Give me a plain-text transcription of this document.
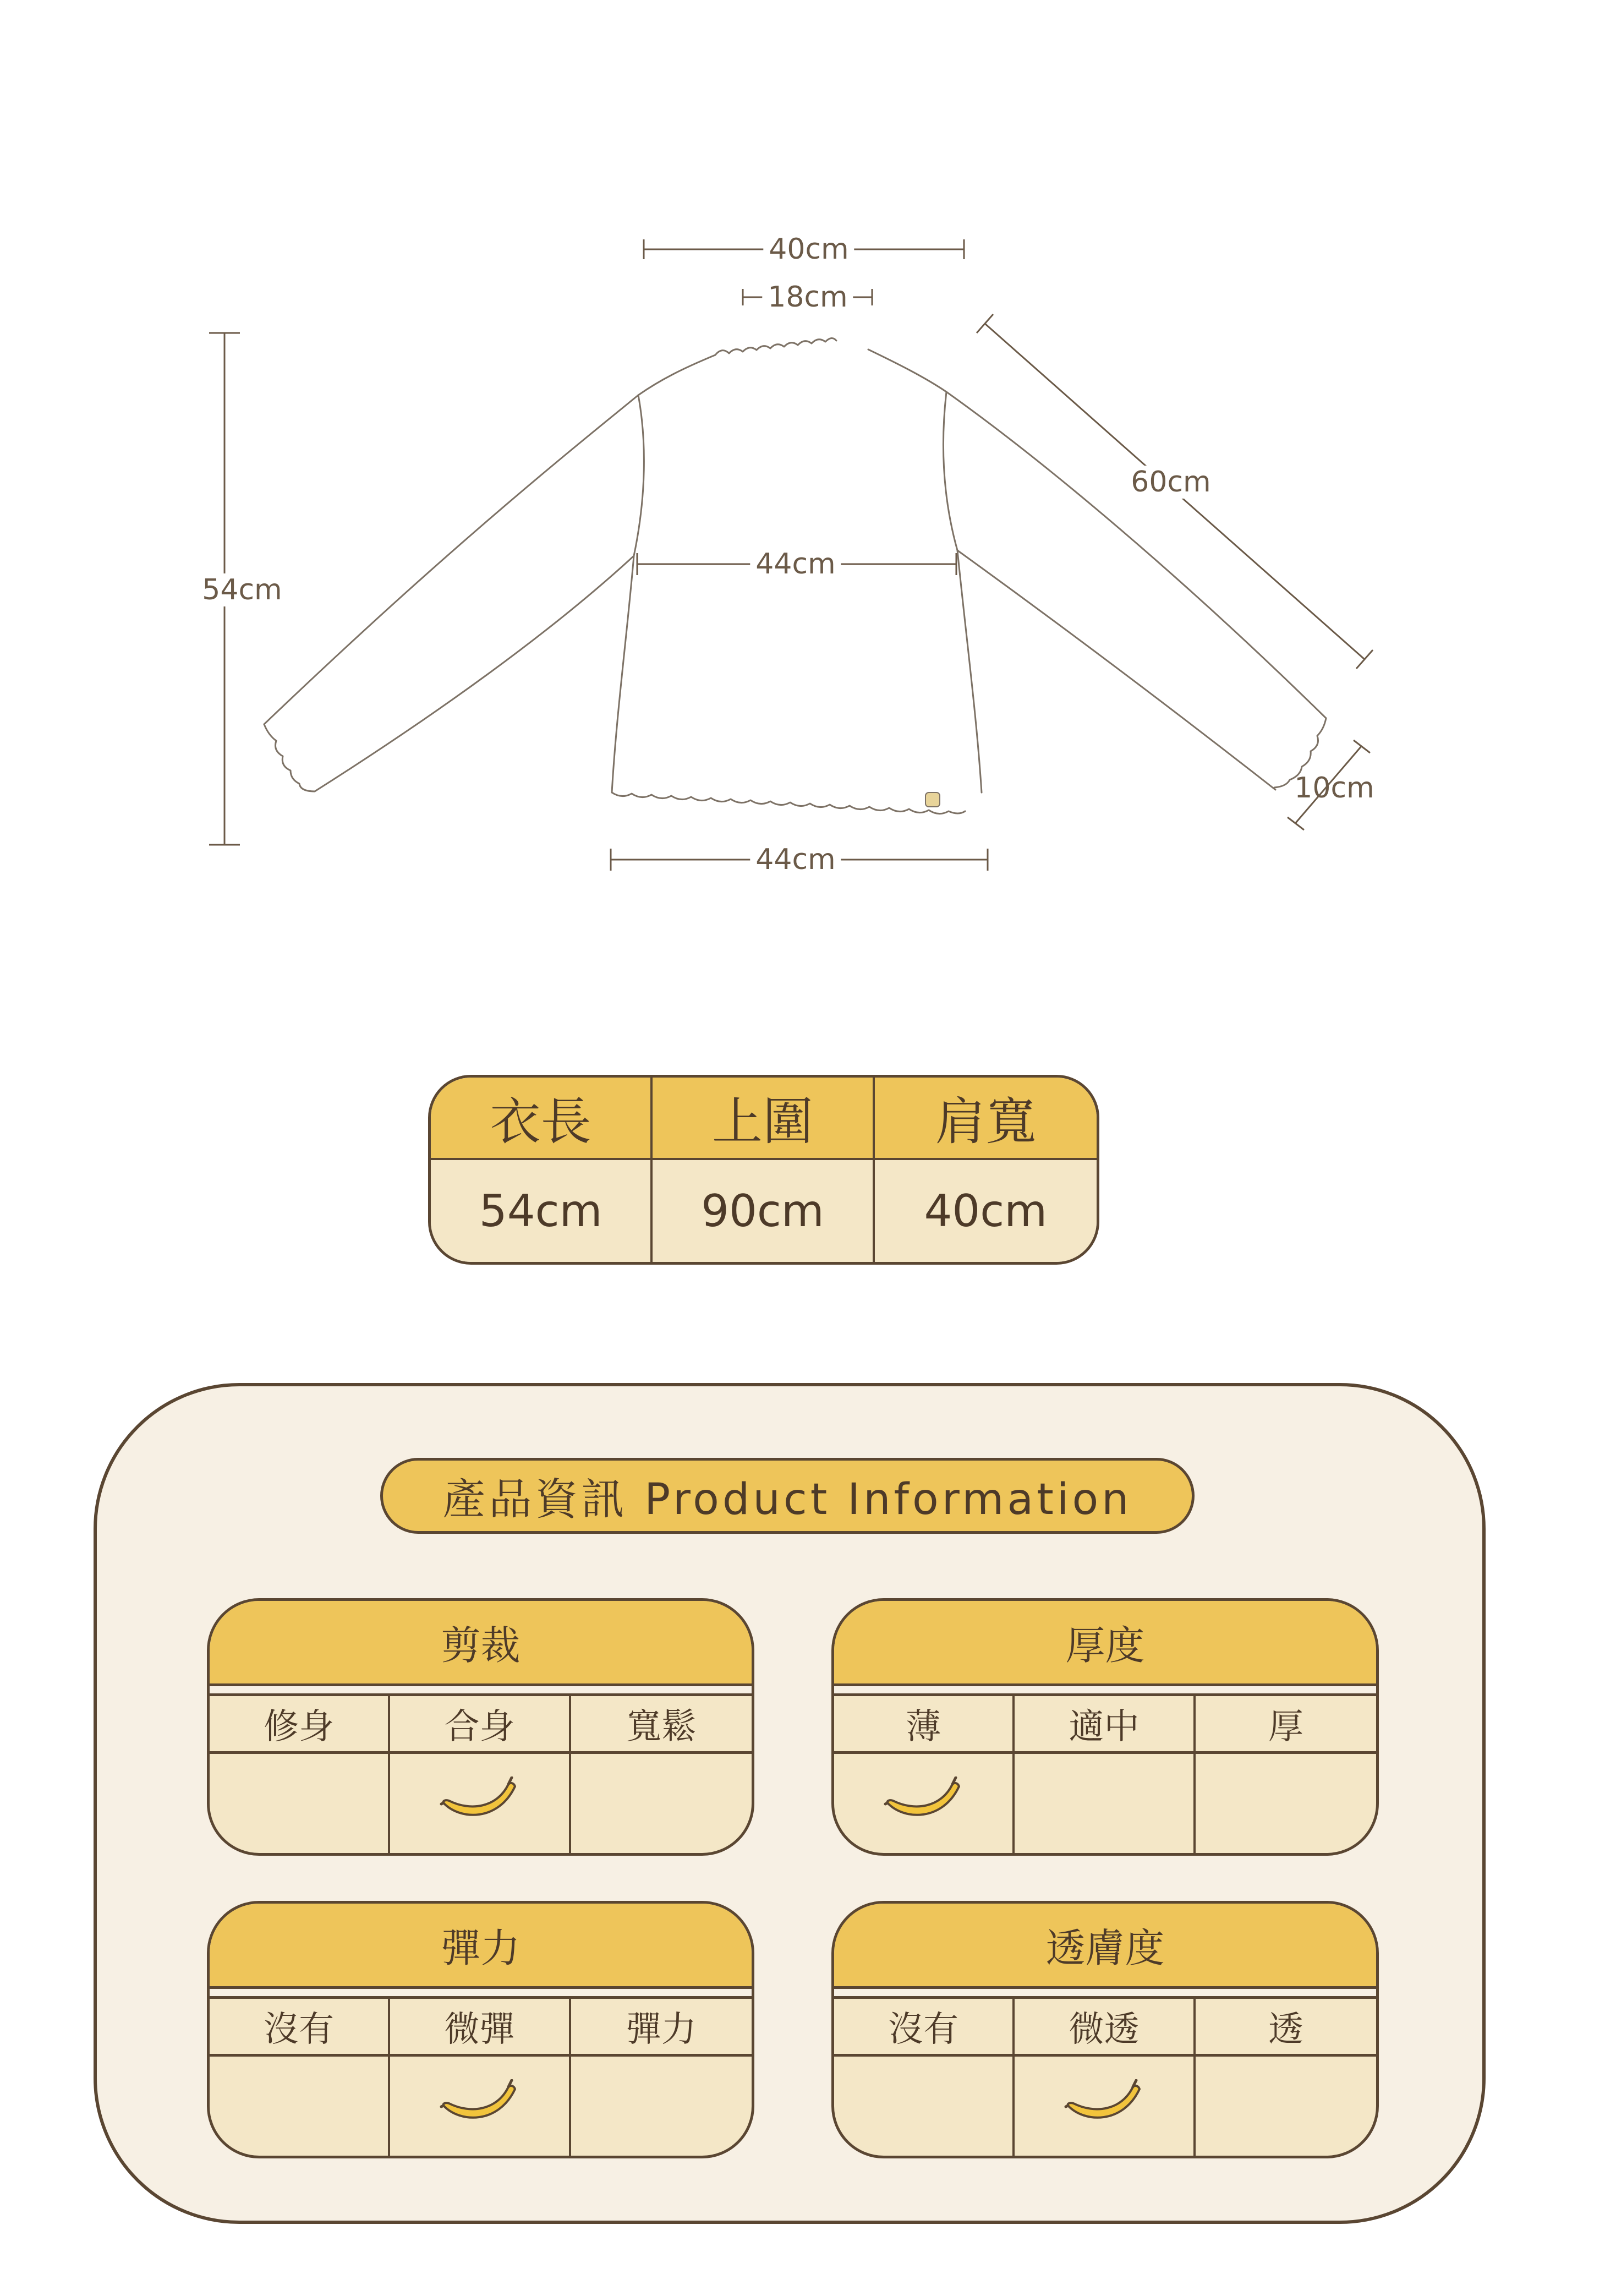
40cm
18cm
54cm
60cm
44cm
44cm
10cm
衣長	上圍	肩寬
54cm	90cm	40cm
產品資訊 Product Information
剪裁
修身	合身	寬鬆
厚度
薄	適中	厚
彈力
沒有	微彈	彈力
透膚度
沒有	微透	透
